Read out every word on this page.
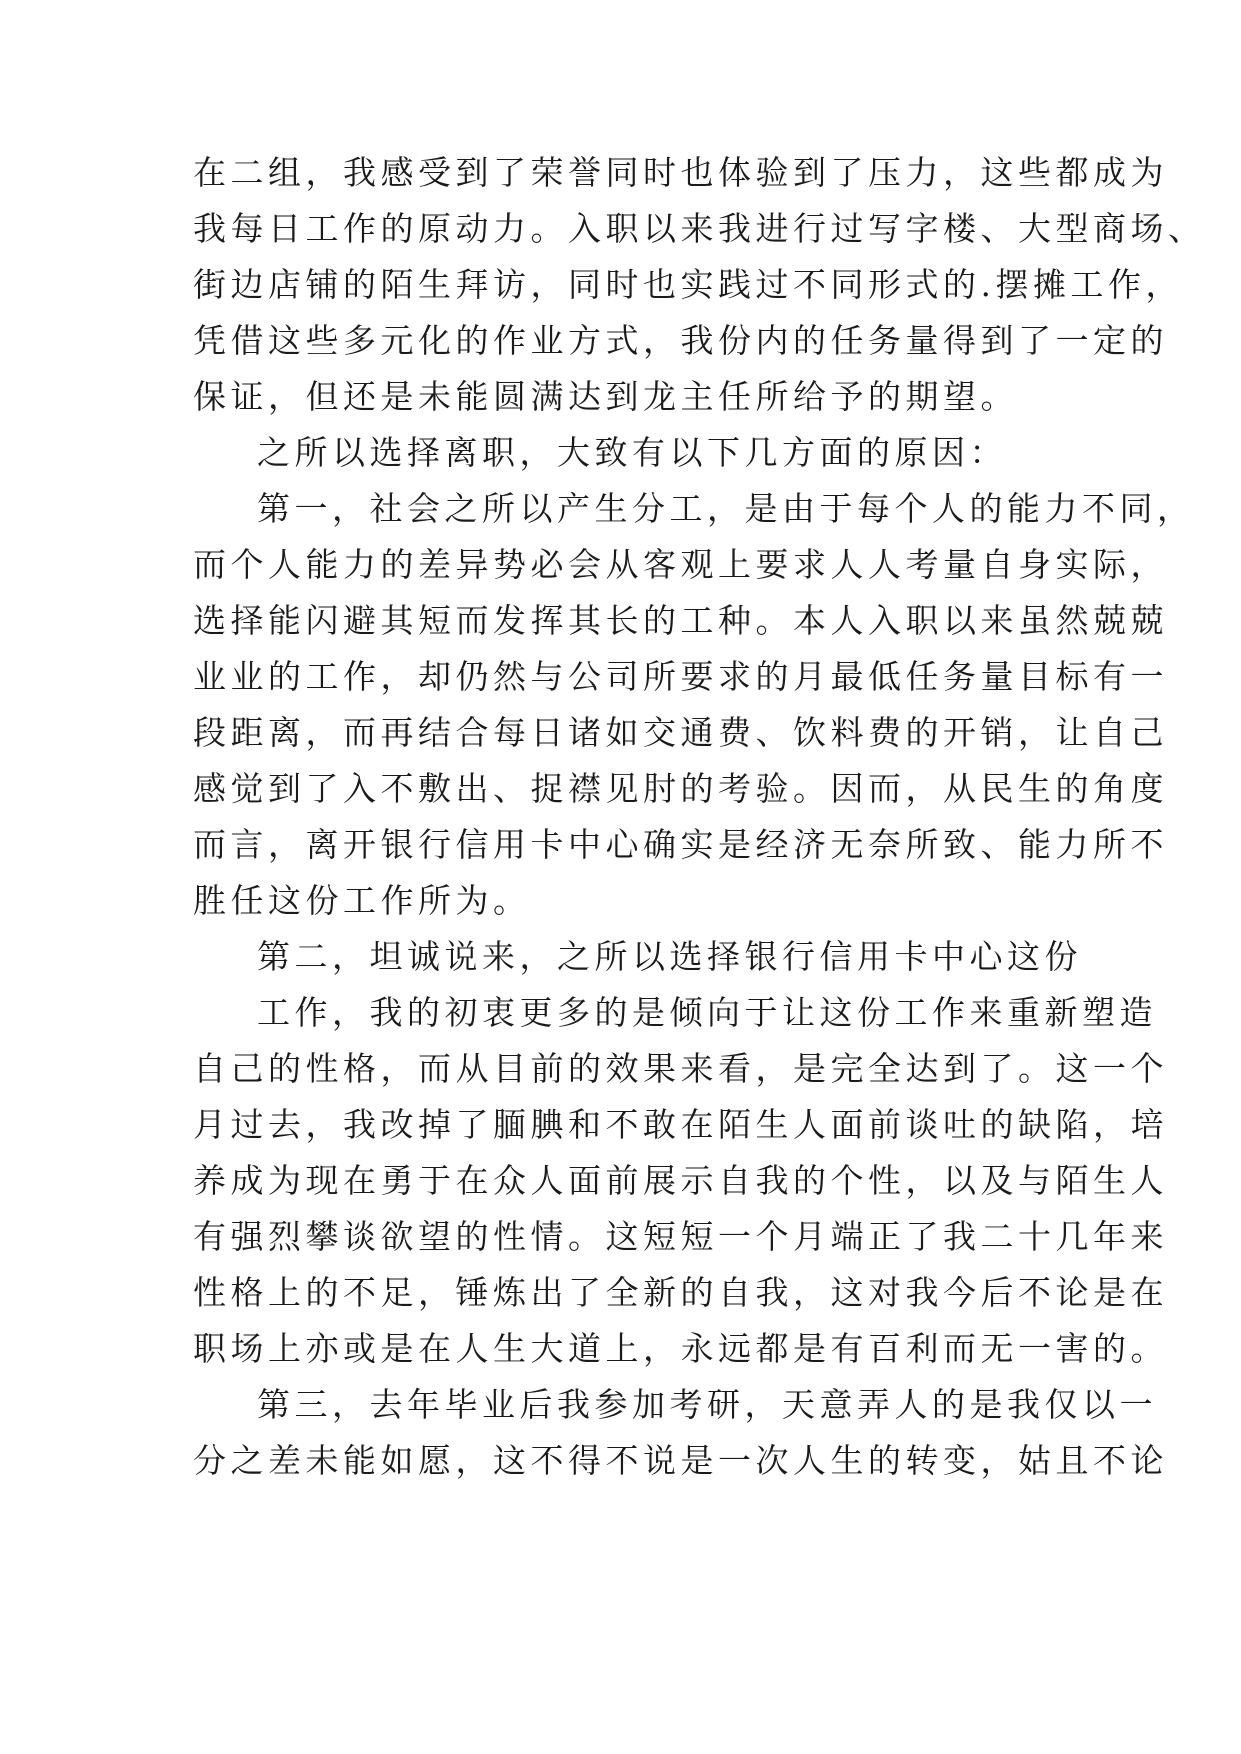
在二组，我感受到了荣誉同时也体验到了压力，这些都成为
我每日工作的原动力。入职以来我进行过写字楼、大型商场、
街边店铺的陌生拜访，同时也实践过不同形式的.摆摊工作，
凭借这些多元化的作业方式，我份内的任务量得到了一定的
保证，但还是未能圆满达到龙主任所给予的期望。
之所以选择离职，大致有以下几方面的原因：
第一，社会之所以产生分工，是由于每个人的能力不同，
而个人能力的差异势必会从客观上要求人人考量自身实际，
选择能闪避其短而发挥其长的工种。本人入职以来虽然兢兢
业业的工作，却仍然与公司所要求的月最低任务量目标有一
段距离，而再结合每日诸如交通费、饮料费的开销，让自己
感觉到了入不敷出、捉襟见肘的考验。因而，从民生的角度
而言，离开银行信用卡中心确实是经济无奈所致、能力所不
胜任这份工作所为。
第二，坦诚说来，之所以选择银行信用卡中心这份
工作，我的初衷更多的是倾向于让这份工作来重新塑造
自己的性格，而从目前的效果来看，是完全达到了。这一个
月过去，我改掉了腼腆和不敢在陌生人面前谈吐的缺陷，培
养成为现在勇于在众人面前展示自我的个性，以及与陌生人
有强烈攀谈欲望的性情。这短短一个月端正了我二十几年来
性格上的不足，锤炼出了全新的自我，这对我今后不论是在
职场上亦或是在人生大道上，永远都是有百利而无一害的。
第三，去年毕业后我参加考研，天意弄人的是我仅以一
分之差未能如愿，这不得不说是一次人生的转变，姑且不论
